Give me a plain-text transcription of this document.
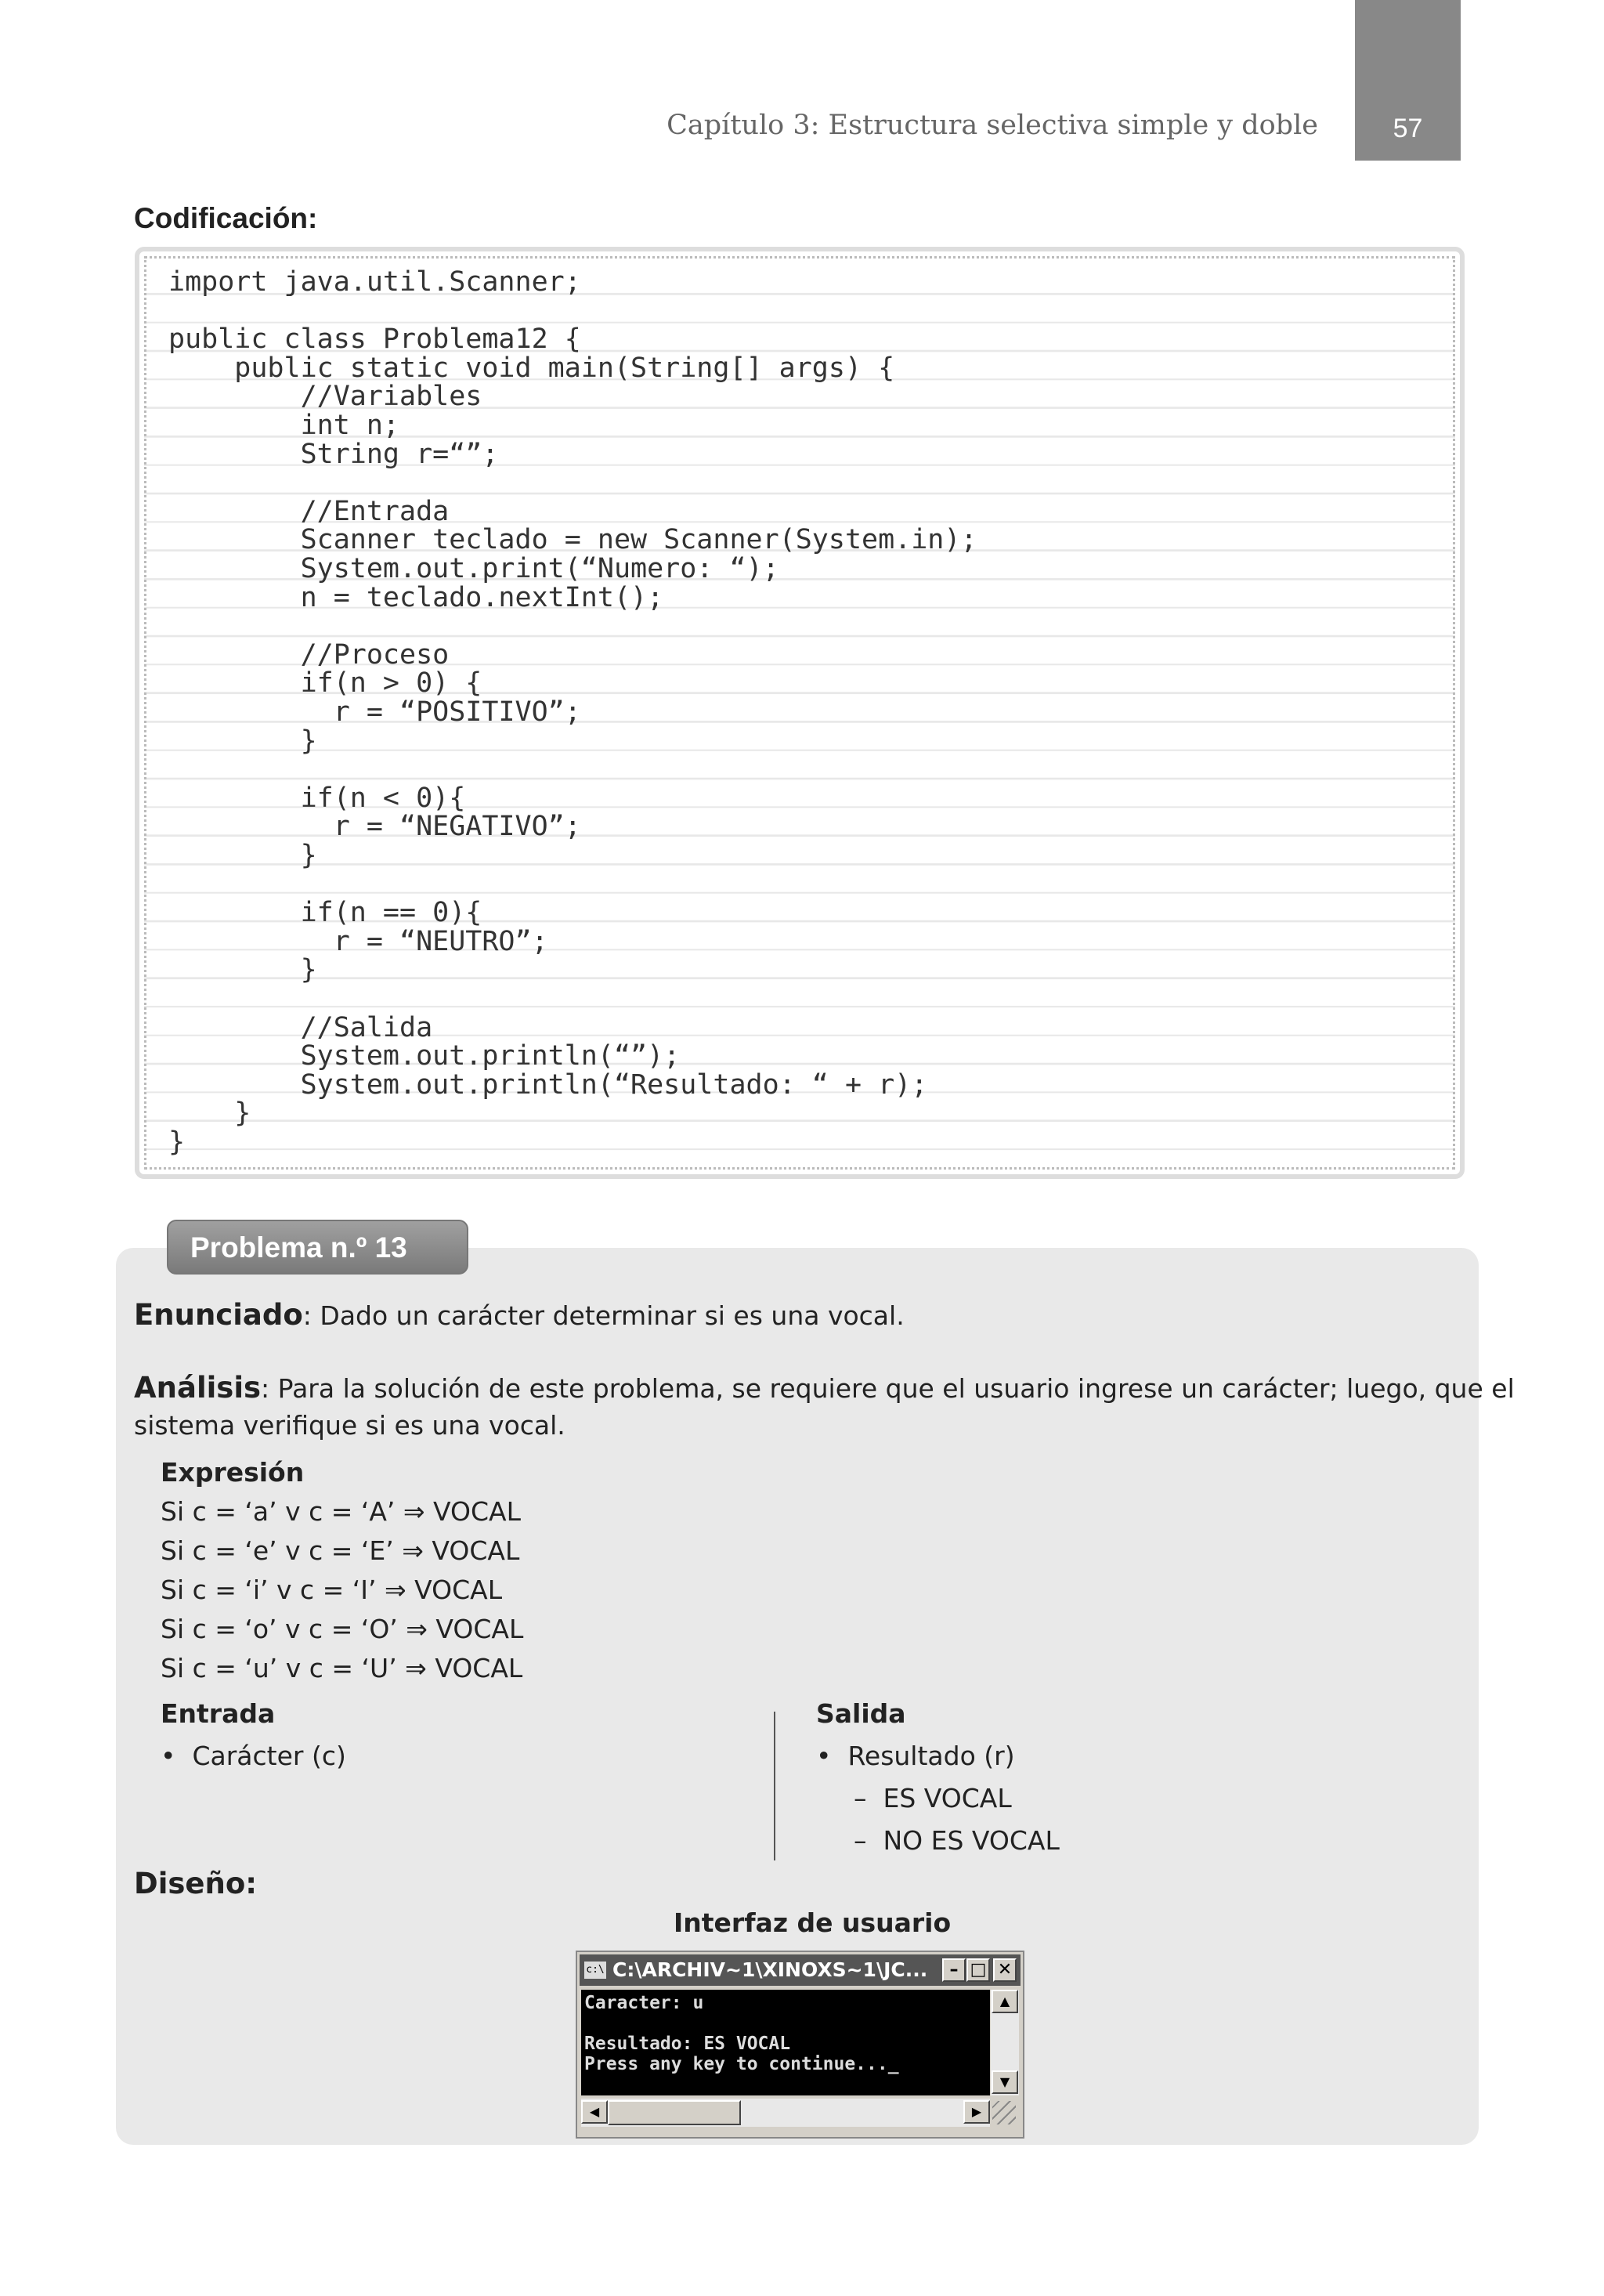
Capítulo 3: Estructura selectiva simple y doble	57
Codificación:
import java.util.Scanner;
public class Problema12 {
public static void main(String[] args) {
//Variables
int n;
String r=“”;
//Entrada
Scanner teclado = new Scanner(System.in);
System.out.print(“Numero: “);
n = teclado.nextInt();
//Proceso
if(n > 0) {
r = “POSITIVO”;
}
if(n < 0){
r = “NEGATIVO”;
}
if(n == 0){
r = “NEUTRO”;
}
//Salida
System.out.println(“”);
System.out.println(“Resultado: “ + r);
}
}
Problema n.º 13
Enunciado: Dado un carácter determinar si es una vocal.
Análisis: Para la solución de este problema, se requiere que el usuario ingrese un carácter; luego, que el
sistema verifique si es una vocal.
Expresión
Si c = ‘a’ v c = ‘A’ ⇒ VOCAL
Si c = ‘e’ v c = ‘E’ ⇒ VOCAL
Si c = ‘i’ v c = ‘I’ ⇒ VOCAL
Si c = ‘o’ v c = ‘O’ ⇒ VOCAL
Si c = ‘u’ v c = ‘U’ ⇒ VOCAL
Entrada
•  Carácter (c)
Salida
•  Resultado (r)
–  ES VOCAL
–  NO ES VOCAL
Diseño:
Interfaz de usuario
c:\ C:\ARCHIV~1\XINOXS~1\JC...	– □ ✕
Caracter: u
Resultado: ES VOCAL
Press any key to continue..._
▲
▼
◀	▶
